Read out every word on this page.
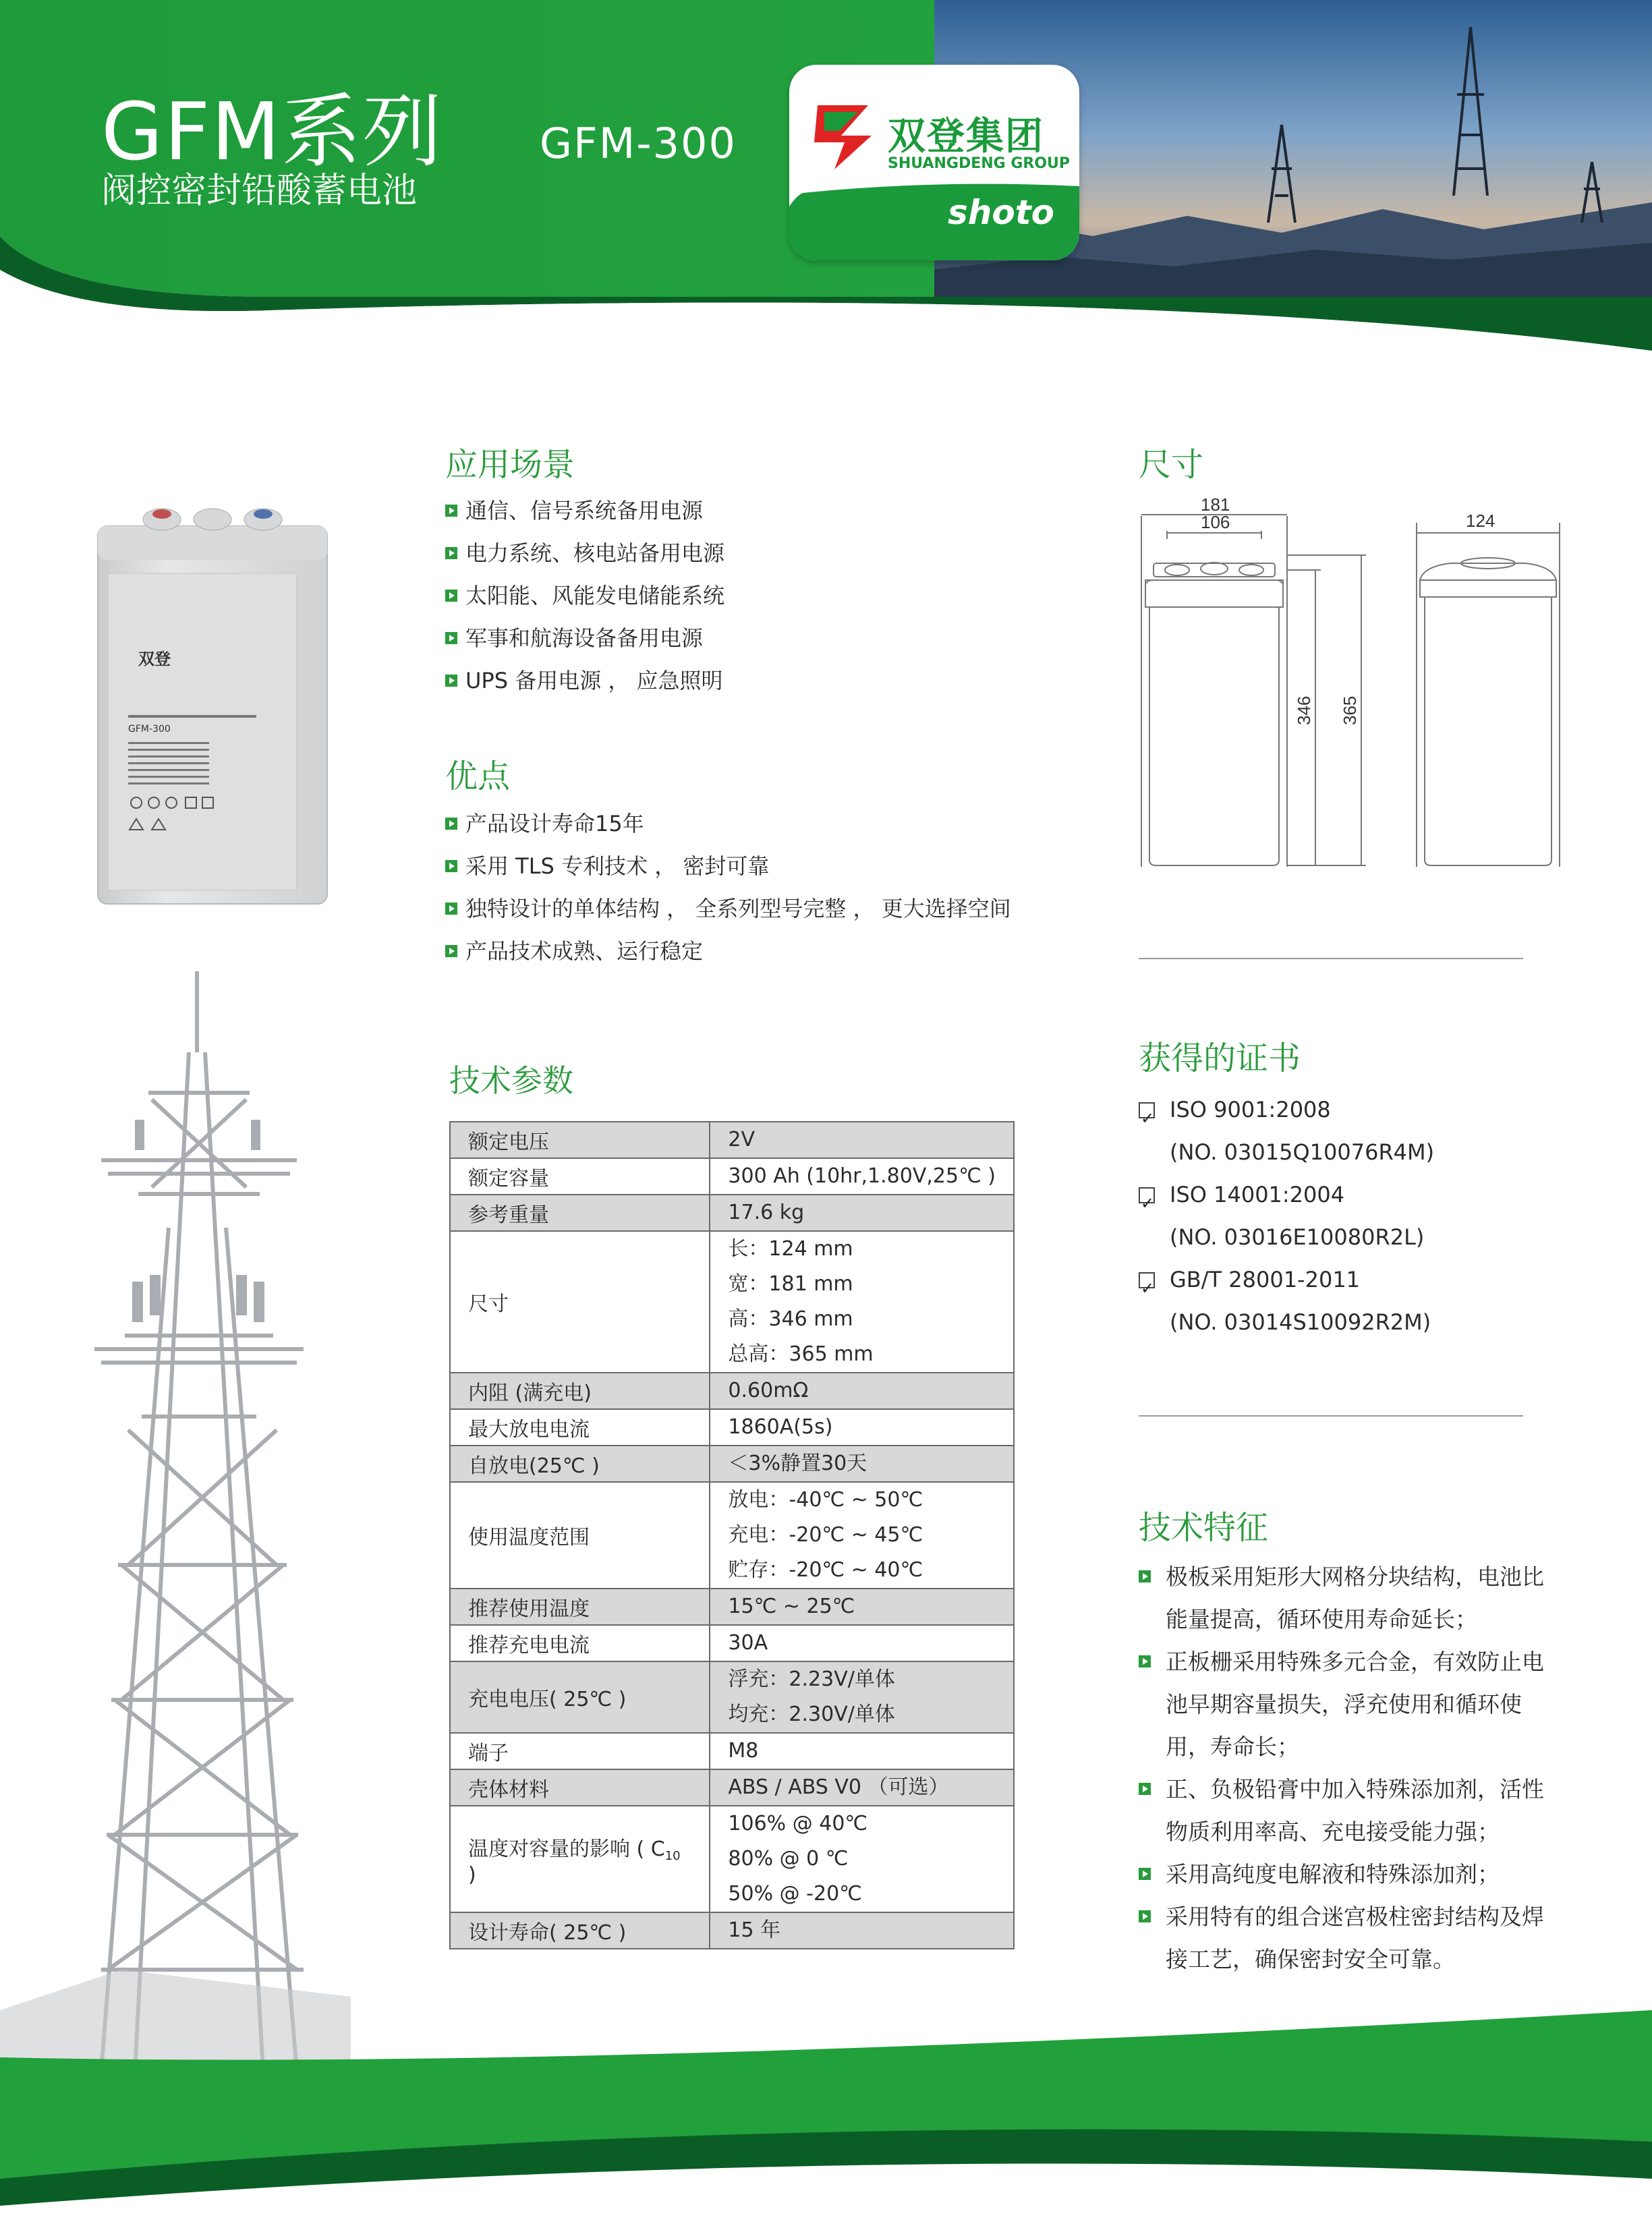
GFM系列
阀控密封铅酸蓄电池
GFM-300	双登集团
SHUANGDENG GROUP
shoto
双登
GFM-300
应用场景
通信、信号系统备用电源
电力系统、核电站备用电源
太阳能、风能发电储能系统
军事和航海设备备用电源
UPS 备用电源 ， 应急照明
优点
产品设计寿命15年
采用 TLS 专利技术 ， 密封可靠
独特设计的单体结构 ， 全系列型号完整 ， 更大选择空间
产品技术成熟、运行稳定
技术参数
额定电压	2V

额定容量	300 Ah (10hr,1.80V,25℃ )

参考重量	17.6 kg

尺寸	长：124 mm
宽：181 mm
高：346 mm
总高：365 mm

内阻 (满充电)	0.60mΩ

最大放电电流	1860A(5s)

自放电(25℃ )	＜3%静置30天

使用温度范围	放电：-40℃ ~ 50℃
充电：-20℃ ~ 45℃
贮存：-20℃ ~ 40℃

推荐使用温度	15℃ ~ 25℃

推荐充电电流	30A

充电电压( 25℃ )	浮充：2.23V/单体
均充：2.30V/单体

端子	M8

壳体材料	ABS / ABS V0 （可选）

温度对容量的影响 ( $C_{10}$ )	106% @ 40℃
80% @ 0 ℃
50% @ -20℃

设计寿命( 25℃ )	15 年
尺寸
181
106	124
346 365
获得的证书
✓ISO 9001:2008
(NO. 03015Q10076R4M)
✓ISO 14001:2004
(NO. 03016E10080R2L)
✓GB/T 28001-2011
(NO. 03014S10092R2M)
技术特征

极板采用矩形大网格分块结构，电池比能量提高，循环使用寿命延长；

正板栅采用特殊多元合金，有效防止电池早期容量损失，浮充使用和循环使用，寿命长；

正、负极铅膏中加入特殊添加剂，活性物质利用率高、充电接受能力强；

采用高纯度电解液和特殊添加剂；

采用特有的组合迷宫极柱密封结构及焊接工艺，确保密封安全可靠。
